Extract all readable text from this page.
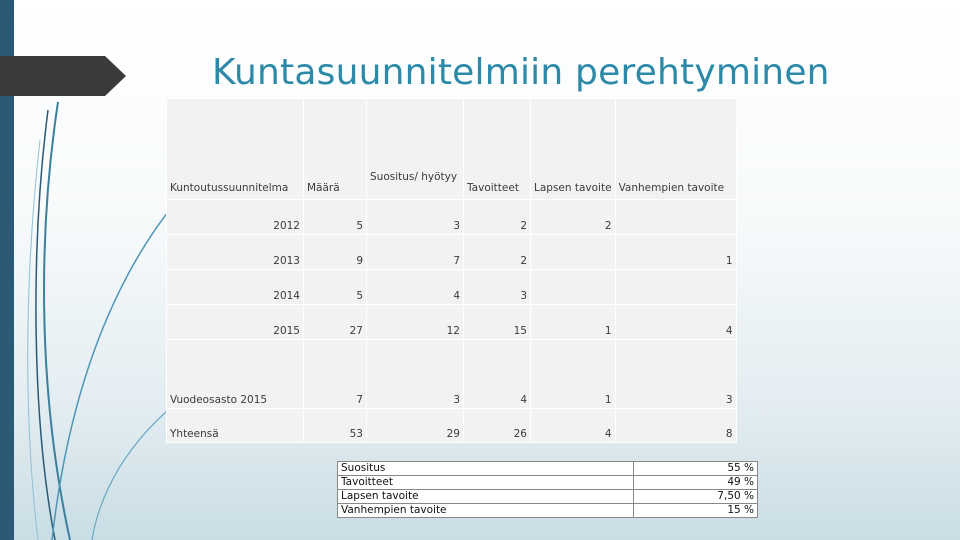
Kuntasuunnitelmiin perehtyminen
Kuntoutussuunnitelma	Määrä	Suositus/ hyötyy	Tavoitteet	Lapsen tavoite	Vanhempien tavoite
2012	5	3	2	2	
2013	9	7	2		1
2014	5	4	3		
2015	27	12	15	1	4
Vuodeosasto 2015	7	3	4	1	3
Yhteensä	53	29	26	4	8
Suositus	55 %
Tavoitteet	49 %
Lapsen tavoite	7,50 %
Vanhempien tavoite	15 %
